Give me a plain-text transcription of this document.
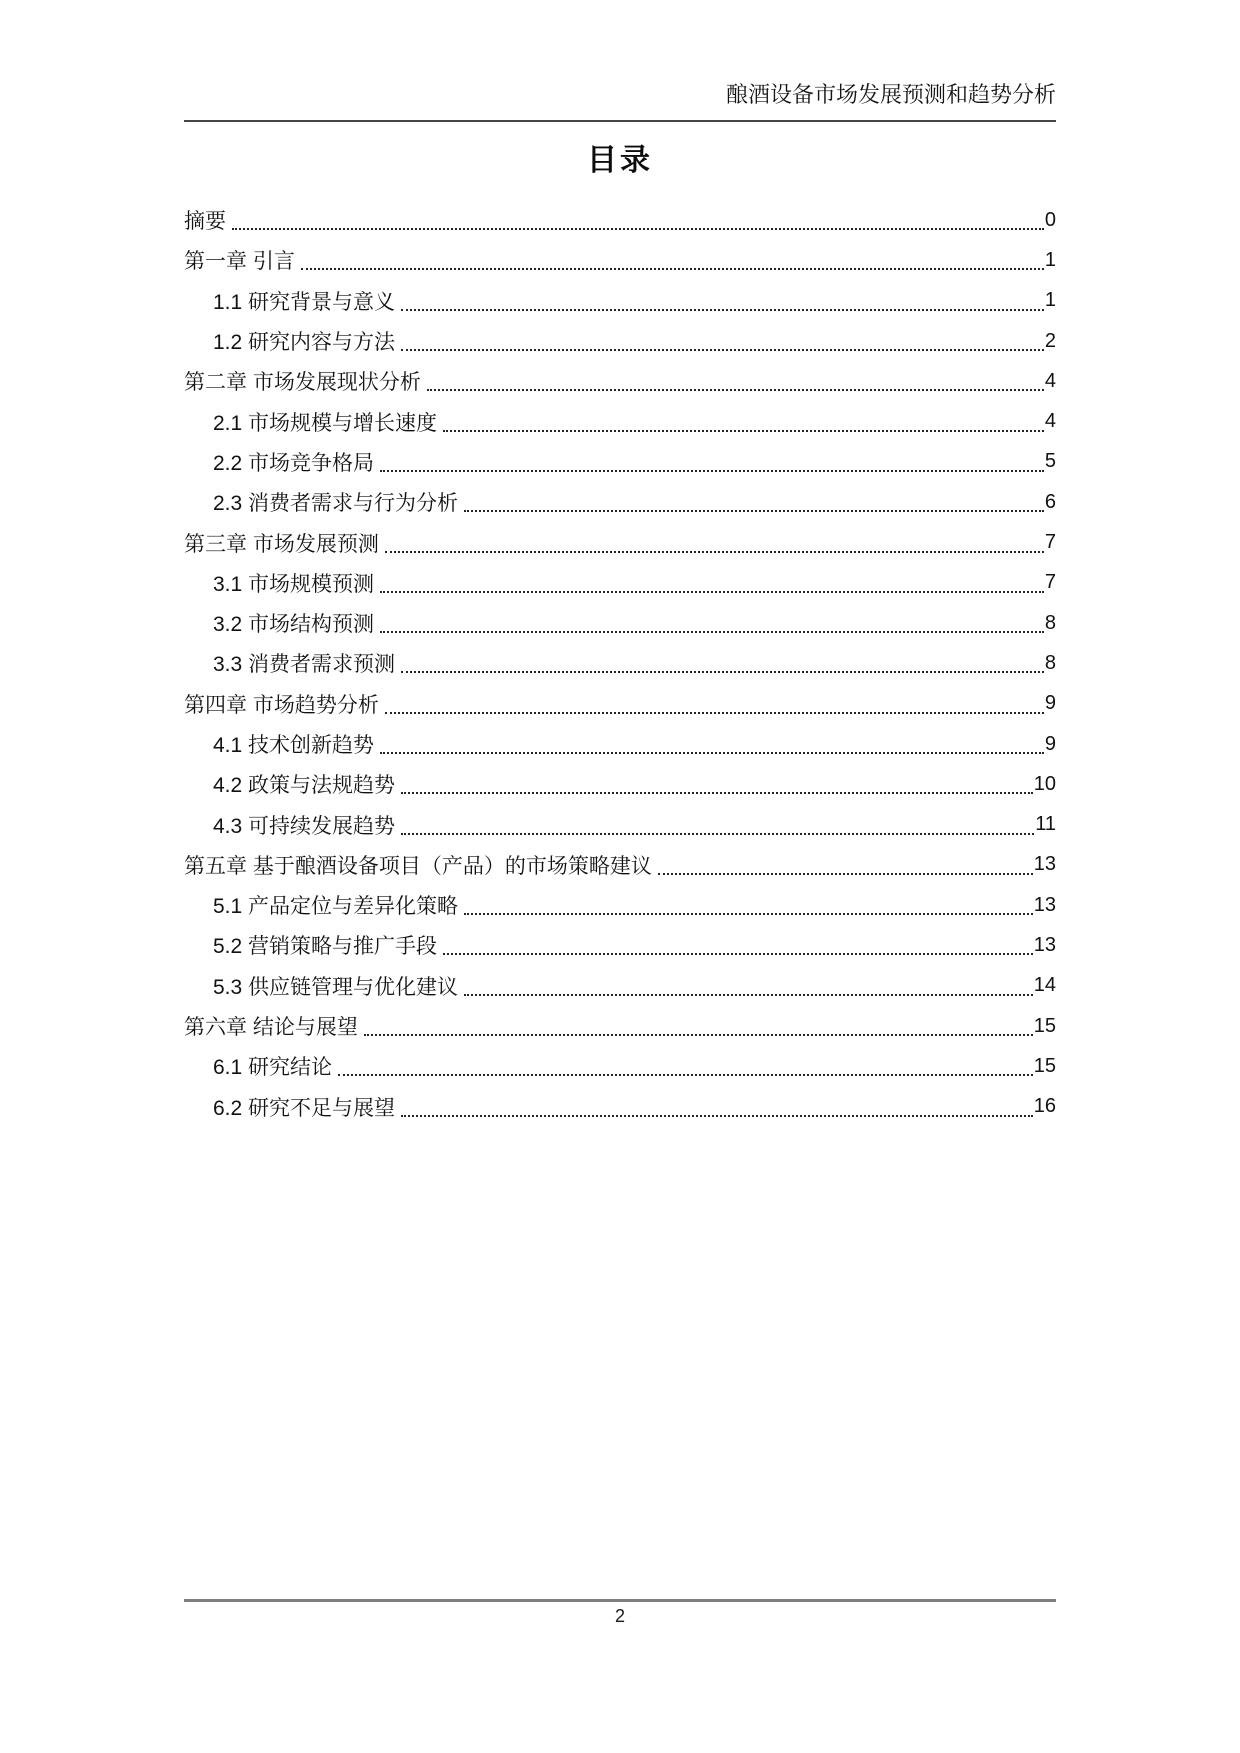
酿酒设备市场发展预测和趋势分析
目录
摘要	0
第一章 引言	1
1.1 研究背景与意义	1
1.2 研究内容与方法	2
第二章 市场发展现状分析	4
2.1 市场规模与增长速度	4
2.2 市场竞争格局	5
2.3 消费者需求与行为分析	6
第三章 市场发展预测	7
3.1 市场规模预测	7
3.2 市场结构预测	8
3.3 消费者需求预测	8
第四章 市场趋势分析	9
4.1 技术创新趋势	9
4.2 政策与法规趋势	10
4.3 可持续发展趋势	11
第五章 基于酿酒设备项目（产品）的市场策略建议	13
5.1 产品定位与差异化策略	13
5.2 营销策略与推广手段	13
5.3 供应链管理与优化建议	14
第六章 结论与展望	15
6.1 研究结论	15
6.2 研究不足与展望	16
2
